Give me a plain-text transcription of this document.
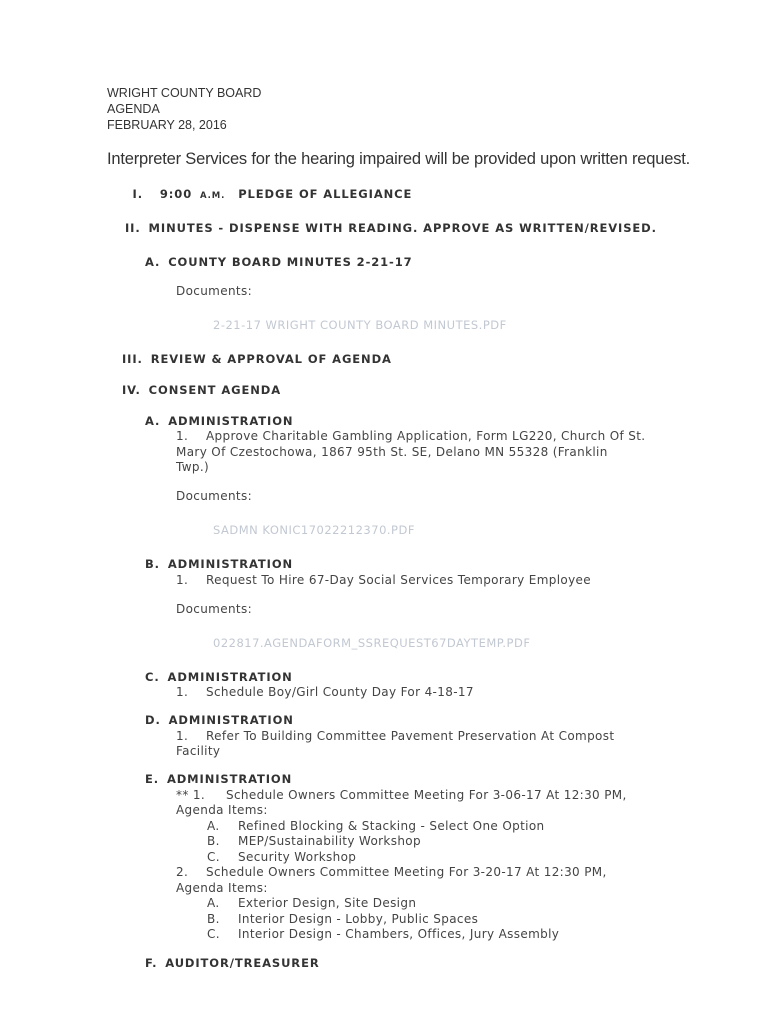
WRIGHT COUNTY BOARD
AGENDA
FEBRUARY 28, 2016
Interpreter Services for the hearing impaired will be provided upon written request.
I. 9:00 A.M. PLEDGE OF ALLEGIANCE
II. MINUTES - DISPENSE WITH READING. APPROVE AS WRITTEN/REVISED.
A. COUNTY BOARD MINUTES 2-21-17
Documents:
2-21-17 WRIGHT COUNTY BOARD MINUTES.PDF
III. REVIEW & APPROVAL OF AGENDA
IV. CONSENT AGENDA
A. ADMINISTRATION
1. Approve Charitable Gambling Application, Form LG220, Church Of St.
Mary Of Czestochowa, 1867 95th St. SE, Delano MN 55328 (Franklin
Twp.)
Documents:
SADMN KONIC17022212370.PDF
B. ADMINISTRATION
1. Request To Hire 67-Day Social Services Temporary Employee
Documents:
022817.AGENDAFORM_SSREQUEST67DAYTEMP.PDF
C. ADMINISTRATION
1. Schedule Boy/Girl County Day For 4-18-17
D. ADMINISTRATION
1. Refer To Building Committee Pavement Preservation At Compost
Facility
E. ADMINISTRATION
** 1. Schedule Owners Committee Meeting For 3-06-17 At 12:30 PM,
Agenda Items:
A. Refined Blocking & Stacking - Select One Option
B. MEP/Sustainability Workshop
C. Security Workshop
2. Schedule Owners Committee Meeting For 3-20-17 At 12:30 PM,
Agenda Items:
A. Exterior Design, Site Design
B. Interior Design - Lobby, Public Spaces
C. Interior Design - Chambers, Offices, Jury Assembly
F. AUDITOR/TREASURER
